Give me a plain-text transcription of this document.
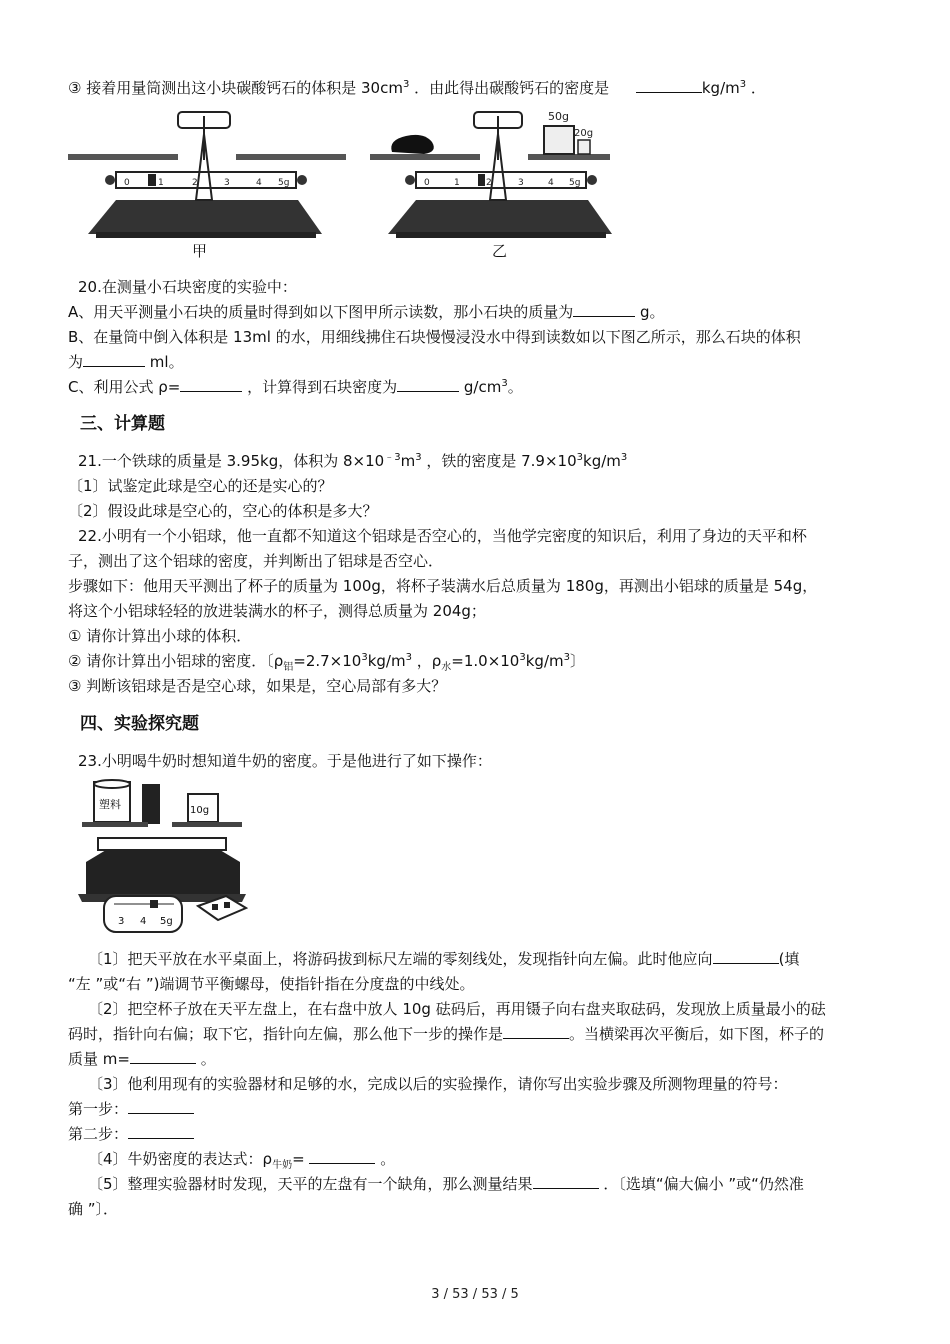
③ 接着用量筒测出这小块碳酸钙石的体积是 $30cm^3$ ．由此得出碳酸钙石的密度是	$kg/m^3$ ．
0	1	2	3	4 5g
50g
20g
0	1	2	3	4 5g
甲	乙
20.在测量小石块密度的实验中：
A、用天平测量小石块的质量时得到如以下图甲所示读数，那小石块的质量为	g。
B、在量筒中倒入体积是 13ml 的水，用细线拂住石块慢慢浸没水中得到读数如以下图乙所示，那么石块的体积
为	ml。
C、利用公式 ρ=	，计算得到石块密度为	$g/cm^3$。
三、计算题
21.一个铁球的质量是 3.95kg，体积为 $8\times 10^{﹣3}m^3$ ，铁的密度是 $7.9\times 10^3kg/m^3$
〔1〕试鉴定此球是空心的还是实心的？
〔2〕假设此球是空心的，空心的体积是多大？
22.小明有一个小铝球，他一直都不知道这个铝球是否空心的，当他学完密度的知识后，利用了身边的天平和杯
子，测出了这个铝球的密度，并判断出了铝球是否空心．
步骤如下：他用天平测出了杯子的质量为 100g，将杯子装满水后总质量为 180g，再测出小铝球的质量是 54g，
将这个小铝球轻轻的放进装满水的杯子，测得总质量为 204g；
① 请你计算出小球的体积．
② 请你计算出小铝球的密度．〔$\rho_铝=2.7\times 10^3kg/m^3$ ，$\rho_水=1.0\times 10^3kg/m^3$〕
③ 判断该铝球是否是空心球，如果是，空心局部有多大？
四、实验探究题
23.小明喝牛奶时想知道牛奶的密度。于是他进行了如下操作：
塑料	10g
3 4 5g
〔1〕把天平放在水平桌面上，将游码拔到标尺左端的零刻线处，发现指针向左偏。此时他应向	(填
“左 ”或“右 ”)端调节平衡螺母，使指针指在分度盘的中线处。
〔2〕把空杯子放在天平左盘上，在右盘中放人 10g 砝码后，再用镊子向右盘夹取砝码，发现放上质量最小的砝
码时，指针向右偏；取下它，指针向左偏，那么他下一步的操作是	。当横梁再次平衡后，如下图，杯子的
质量 m=	。
〔3〕他利用现有的实验器材和足够的水，完成以后的实验操作，请你写出实验步骤及所测物理量的符号：
第一步：
第二步：
〔4〕牛奶密度的表达式：$\rho_{牛奶}=$	。
〔5〕整理实验器材时发现，天平的左盘有一个缺角，那么测量结果	．〔选填“偏大偏小 ”或“仍然准
确 ”〕．
3 / 53 / 53 / 5
